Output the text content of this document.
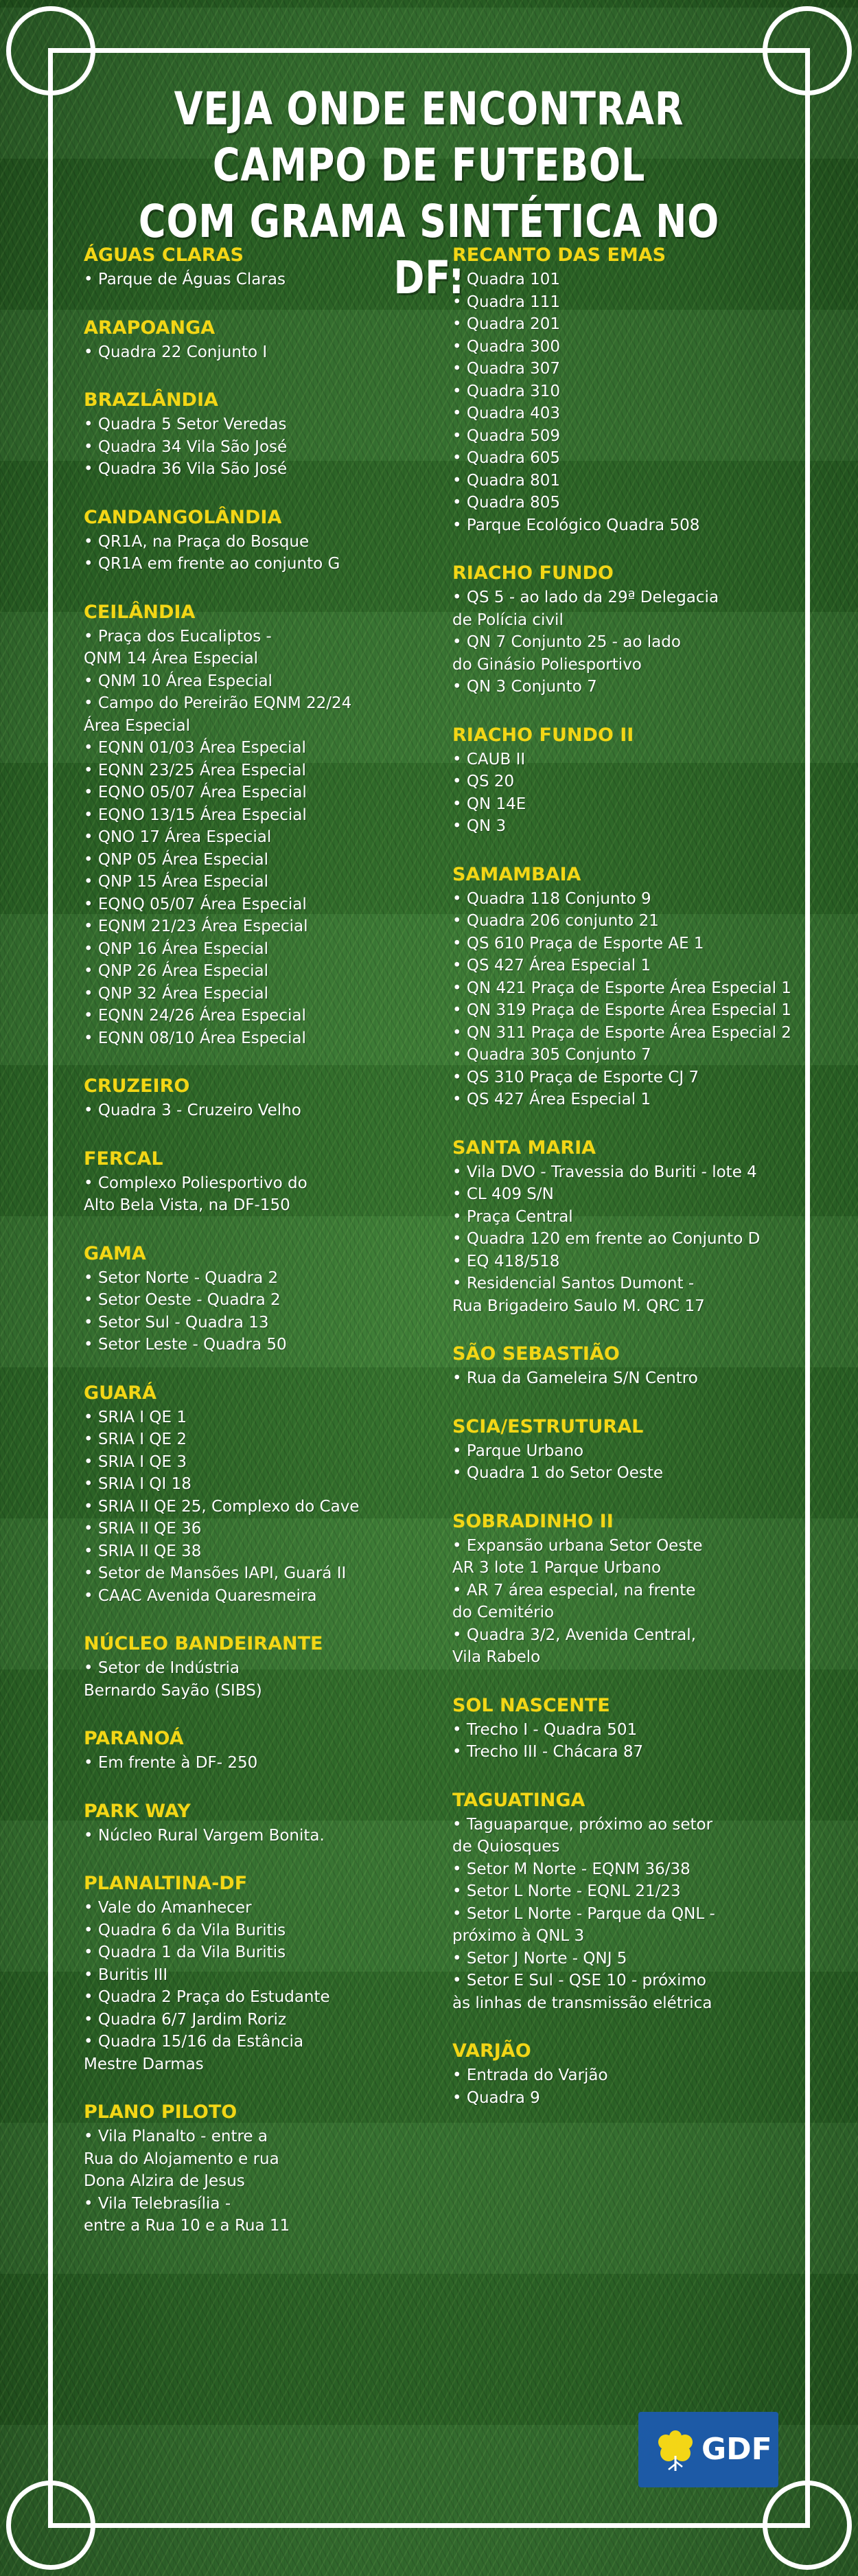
VEJA ONDE ENCONTRAR CAMPO DE FUTEBOL
COM GRAMA SINTÉTICA NO DF:
ÁGUAS CLARAS
• Parque de Águas Claras
ARAPOANGA
• Quadra 22 Conjunto I
BRAZLÂNDIA
• Quadra 5 Setor Veredas
• Quadra 34 Vila São José
• Quadra 36 Vila São José
CANDANGOLÂNDIA
• QR1A, na Praça do Bosque
• QR1A em frente ao conjunto G
CEILÂNDIA
• Praça dos Eucaliptos -
QNM 14 Área Especial
• QNM 10 Área Especial
• Campo do Pereirão EQNM 22/24
Área Especial
• EQNN 01/03 Área Especial
• EQNN 23/25 Área Especial
• EQNO 05/07 Área Especial
• EQNO 13/15 Área Especial
• QNO 17 Área Especial
• QNP 05 Área Especial
• QNP 15 Área Especial
• EQNQ 05/07 Área Especial
• EQNM 21/23 Área Especial
• QNP 16 Área Especial
• QNP 26 Área Especial
• QNP 32 Área Especial
• EQNN 24/26 Área Especial
• EQNN 08/10 Área Especial
CRUZEIRO
• Quadra 3 - Cruzeiro Velho
FERCAL
• Complexo Poliesportivo do
Alto Bela Vista, na DF-150
GAMA
• Setor Norte - Quadra 2
• Setor Oeste - Quadra 2
• Setor Sul - Quadra 13
• Setor Leste - Quadra 50
GUARÁ
• SRIA I QE 1
• SRIA I QE 2
• SRIA I QE 3
• SRIA I QI 18
• SRIA II QE 25, Complexo do Cave
• SRIA II QE 36
• SRIA II QE 38
• Setor de Mansões IAPI, Guará II
• CAAC Avenida Quaresmeira
NÚCLEO BANDEIRANTE
• Setor de Indústria
Bernardo Sayão (SIBS)
PARANOÁ
• Em frente à DF- 250
PARK WAY
• Núcleo Rural Vargem Bonita.
PLANALTINA-DF
• Vale do Amanhecer
• Quadra 6 da Vila Buritis
• Quadra 1 da Vila Buritis
• Buritis III
• Quadra 2 Praça do Estudante
• Quadra 6/7 Jardim Roriz
• Quadra 15/16 da Estância
Mestre Darmas
PLANO PILOTO
• Vila Planalto - entre a
Rua do Alojamento e rua
Dona Alzira de Jesus
• Vila Telebrasília -
entre a Rua 10 e a Rua 11
RECANTO DAS EMAS
• Quadra 101
• Quadra 111
• Quadra 201
• Quadra 300
• Quadra 307
• Quadra 310
• Quadra 403
• Quadra 509
• Quadra 605
• Quadra 801
• Quadra 805
• Parque Ecológico Quadra 508
RIACHO FUNDO
• QS 5 - ao lado da 29ª Delegacia
de Polícia civil
• QN 7 Conjunto 25 - ao lado
do Ginásio Poliesportivo
• QN 3 Conjunto 7
RIACHO FUNDO II
• CAUB II
• QS 20
• QN 14E
• QN 3
SAMAMBAIA
• Quadra 118 Conjunto 9
• Quadra 206 conjunto 21
• QS 610 Praça de Esporte AE 1
• QS 427 Área Especial 1
• QN 421 Praça de Esporte Área Especial 1
• QN 319 Praça de Esporte Área Especial 1
• QN 311 Praça de Esporte Área Especial 2
• Quadra 305 Conjunto 7
• QS 310 Praça de Esporte CJ 7
• QS 427 Área Especial 1
SANTA MARIA
• Vila DVO - Travessia do Buriti - lote 4
• CL 409 S/N
• Praça Central
• Quadra 120 em frente ao Conjunto D
• EQ 418/518
• Residencial Santos Dumont -
Rua Brigadeiro Saulo M. QRC 17
SÃO SEBASTIÃO
• Rua da Gameleira S/N Centro
SCIA/ESTRUTURAL
• Parque Urbano
• Quadra 1 do Setor Oeste
SOBRADINHO II
• Expansão urbana Setor Oeste
AR 3 lote 1 Parque Urbano
• AR 7 área especial, na frente
do Cemitério
• Quadra 3/2, Avenida Central,
Vila Rabelo
SOL NASCENTE
• Trecho I - Quadra 501
• Trecho III - Chácara 87
TAGUATINGA
• Taguaparque, próximo ao setor
de Quiosques
• Setor M Norte - EQNM 36/38
• Setor L Norte - EQNL 21/23
• Setor L Norte - Parque da QNL -
próximo à QNL 3
• Setor J Norte - QNJ 5
• Setor E Sul - QSE 10 - próximo
às linhas de transmissão elétrica
VARJÃO
• Entrada do Varjão
• Quadra 9
GDF
